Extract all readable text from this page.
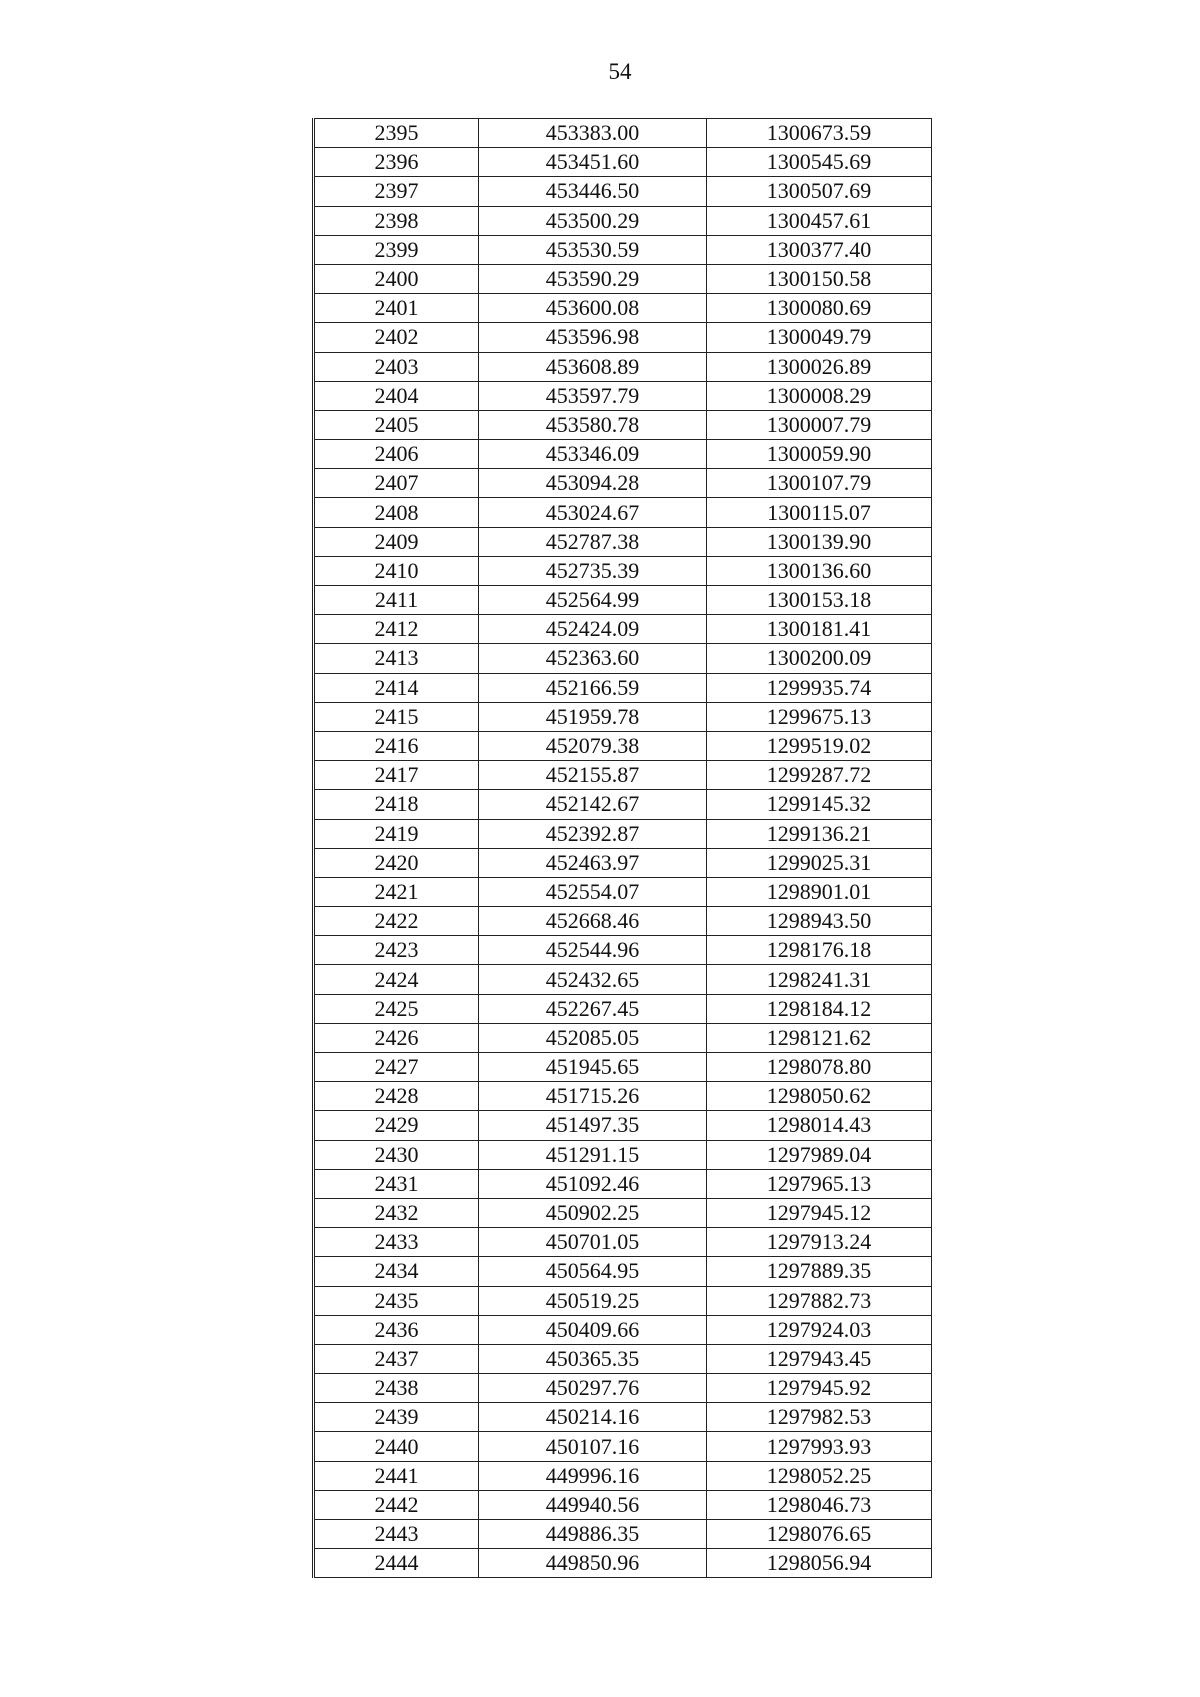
54
2395	453383.00	1300673.59
2396	453451.60	1300545.69
2397	453446.50	1300507.69
2398	453500.29	1300457.61
2399	453530.59	1300377.40
2400	453590.29	1300150.58
2401	453600.08	1300080.69
2402	453596.98	1300049.79
2403	453608.89	1300026.89
2404	453597.79	1300008.29
2405	453580.78	1300007.79
2406	453346.09	1300059.90
2407	453094.28	1300107.79
2408	453024.67	1300115.07
2409	452787.38	1300139.90
2410	452735.39	1300136.60
2411	452564.99	1300153.18
2412	452424.09	1300181.41
2413	452363.60	1300200.09
2414	452166.59	1299935.74
2415	451959.78	1299675.13
2416	452079.38	1299519.02
2417	452155.87	1299287.72
2418	452142.67	1299145.32
2419	452392.87	1299136.21
2420	452463.97	1299025.31
2421	452554.07	1298901.01
2422	452668.46	1298943.50
2423	452544.96	1298176.18
2424	452432.65	1298241.31
2425	452267.45	1298184.12
2426	452085.05	1298121.62
2427	451945.65	1298078.80
2428	451715.26	1298050.62
2429	451497.35	1298014.43
2430	451291.15	1297989.04
2431	451092.46	1297965.13
2432	450902.25	1297945.12
2433	450701.05	1297913.24
2434	450564.95	1297889.35
2435	450519.25	1297882.73
2436	450409.66	1297924.03
2437	450365.35	1297943.45
2438	450297.76	1297945.92
2439	450214.16	1297982.53
2440	450107.16	1297993.93
2441	449996.16	1298052.25
2442	449940.56	1298046.73
2443	449886.35	1298076.65
2444	449850.96	1298056.94
